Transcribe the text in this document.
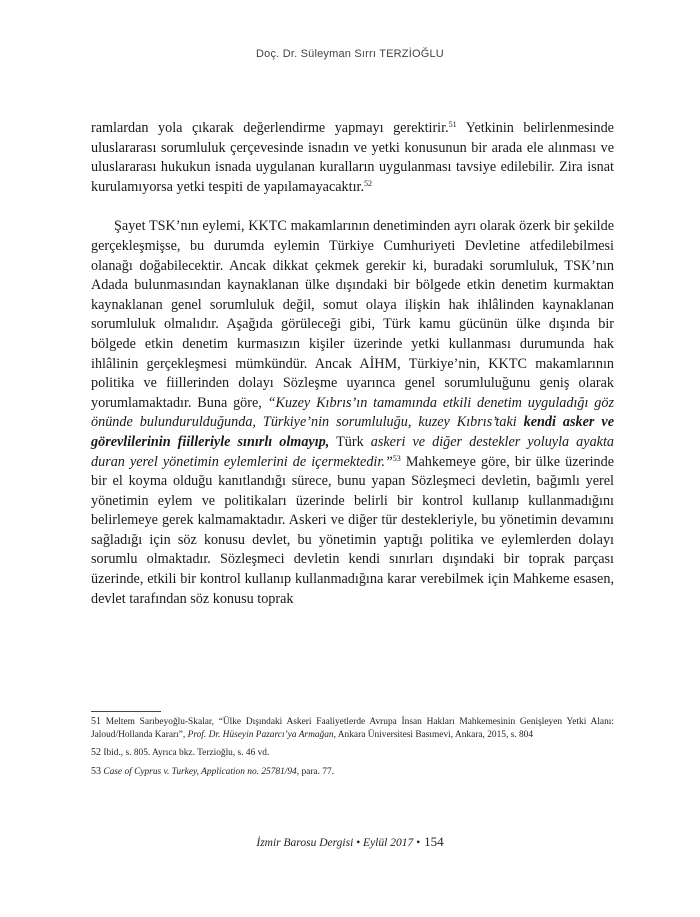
Doç. Dr. Süleyman Sırrı TERZİOĞLU

ramlardan yola çıkarak değerlendirme yapmayı gerektirir.$^{51}$ Yetkinin belirlenmesinde uluslararası sorumluluk çerçevesinde isnadın ve yetki konusunun bir arada ele alınması ve uluslararası hukukun isnada uygulanan kuralların uygulanması tavsiye edilebilir. Zira isnat kurulamıyorsa yetki tespiti de yapılamayacaktır.$^{52}$

Şayet TSK’nın eylemi, KKTC makamlarının denetiminden ayrı olarak özerk bir şekilde gerçekleşmişse, bu durumda eylemin Türkiye Cumhuriyeti Devletine atfedilebilmesi olanağı doğabilecektir. Ancak dikkat çekmek gerekir ki, buradaki sorumluluk, TSK’nın Adada bulunmasından kaynaklanan ülke dışındaki bir bölgede etkin denetim kurmaktan kaynaklanan genel sorumluluk değil, somut olaya ilişkin hak ihlâlinden kaynaklanan sorumluluk olmalıdır. Aşağıda görüleceği gibi, Türk kamu gücünün ülke dışında bir bölgede etkin denetim kurmasızın kişiler üzerinde yetki kullanması durumunda hak ihlâlinin gerçekleşmesi mümkündür. Ancak AİHM, Türkiye’nin, KKTC makamlarının politika ve fiillerinden dolayı Sözleşme uyarınca genel sorumluluğunu geniş olarak yorumlamaktadır. Buna göre, “Kuzey Kıbrıs’ın tamamında etkili denetim uyguladığı göz önünde bulundurulduğunda, Türkiye’nin sorumluluğu, kuzey Kıbrıs’taki kendi asker ve görevlilerinin fiilleriyle sınırlı olmayıp, Türk askeri ve diğer destekler yoluyla ayakta duran yerel yönetimin eylemlerini de içermektedir.”$^{53}$ Mahkemeye göre, bir ülke üzerinde bir el koyma olduğu kanıtlandığı sürece, bunu yapan Sözleşmeci devletin, bağımlı yerel yönetimin eylem ve politikaları üzerinde belirli bir kontrol kullanıp kullanmadığını belirlemeye gerek kalmamaktadır. Askeri ve diğer tür destekleriyle, bu yönetimin devamını sağladığı için söz konusu devlet, bu yönetimin yaptığı politika ve eylemlerden dolayı sorumlu olmaktadır. Sözleşmeci devletin kendi sınırları dışındaki bir toprak parçası üzerinde, etkili bir kontrol kullanıp kullanmadığına karar verebilmek için Mahkeme esasen, devlet tarafından söz konusu toprak

51 Meltem Sarıbeyoğlu-Skalar, “Ülke Dışındaki Askeri Faaliyetlerde Avrupa İnsan Hakları Mahkemesinin Genişleyen Yetki Alanı: Jaloud/Hollanda Kararı”, Prof. Dr. Hüseyin Pazarcı’ya Armağan, Ankara Üniversitesi Basımevi, Ankara, 2015, s. 804

52 Ibid., s. 805. Ayrıca bkz. Terzioğlu, s. 46 vd.

53 Case of Cyprus v. Turkey, Application no. 25781/94, para. 77.

İzmir Barosu Dergisi • Eylül 2017 • 154
